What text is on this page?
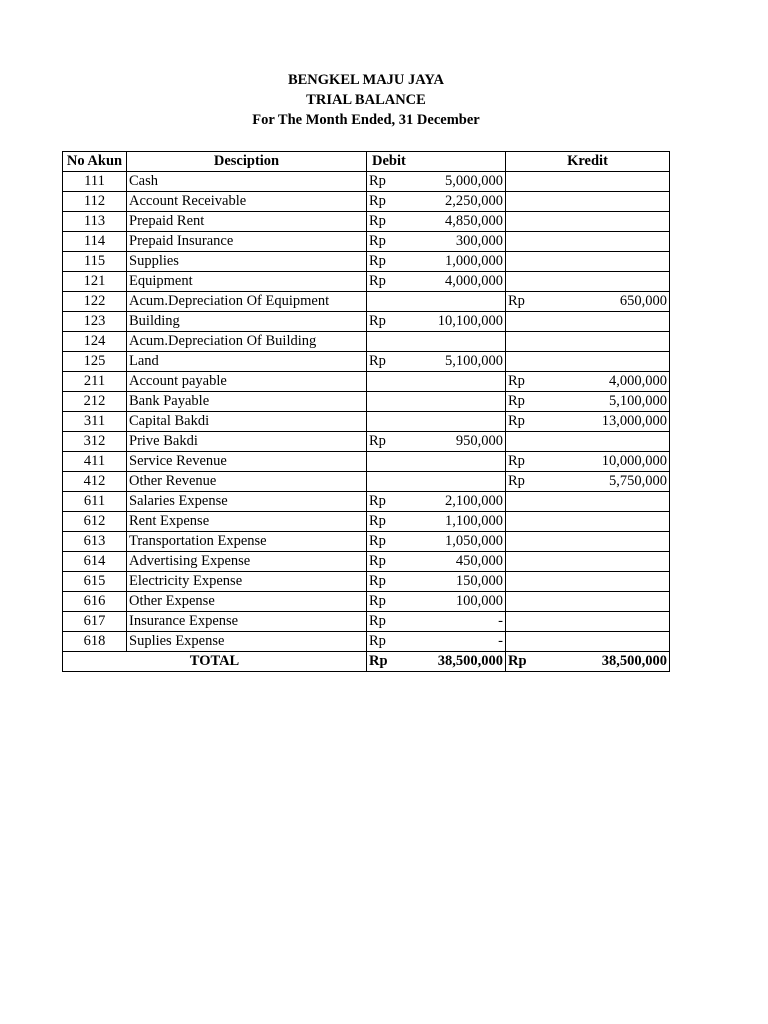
BENGKEL MAJU JAYA
TRIAL BALANCE
For The Month Ended, 31 December
No Akun	Desciption	Debit		Kredit	
111	Cash	Rp	5,000,000		
112	Account Receivable	Rp	2,250,000		
113	Prepaid Rent	Rp	4,850,000		
114	Prepaid Insurance	Rp	300,000		
115	Supplies	Rp	1,000,000		
121	Equipment	Rp	4,000,000		
122	Acum.Depreciation Of Equipment			Rp	650,000
123	Building	Rp	10,100,000		
124	Acum.Depreciation Of Building				
125	Land	Rp	5,100,000		
211	Account payable			Rp	4,000,000
212	Bank Payable			Rp	5,100,000
311	Capital Bakdi			Rp	13,000,000
312	Prive Bakdi	Rp	950,000		
411	Service Revenue			Rp	10,000,000
412	Other Revenue			Rp	5,750,000
611	Salaries Expense	Rp	2,100,000		
612	Rent Expense	Rp	1,100,000		
613	Transportation Expense	Rp	1,050,000		
614	Advertising Expense	Rp	450,000		
615	Electricity Expense	Rp	150,000		
616	Other Expense	Rp	100,000		
617	Insurance Expense	Rp	-		
618	Suplies Expense	Rp	-		
TOTAL		Rp	38,500,000	Rp	38,500,000
